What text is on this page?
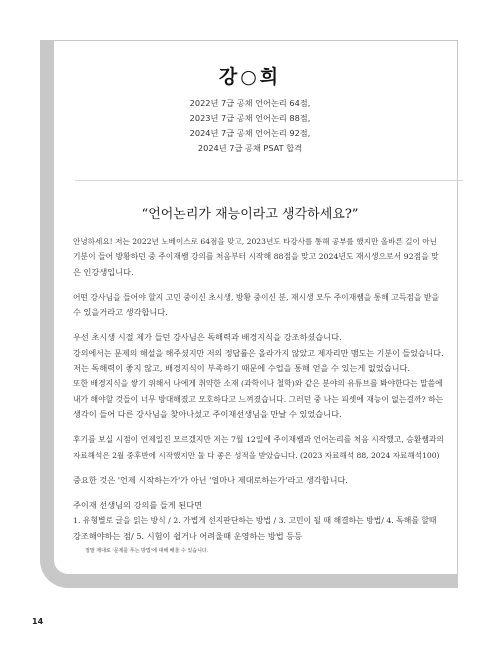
강○희
2022년 7급 공채 언어논리 64점,
2023년 7급 공채 언어논리 88점,
2024년 7급 공채 언어논리 92점,
2024년 7급 공채 PSAT 합격
“언어논리가 재능이라고 생각하세요?”

안녕하세요! 저는 2022년 노베이스로 64점을 맞고, 2023년도 타강사를 통해 공부를 했지만 올바른 길이 아닌
기분이 들어 방황하던 중 주이재쌤 강의를 처음부터 시작해 88점을 맞고 2024년도 재시생으로서 92점을 맞
은 인강생입니다.

어떤 강사님을 들어야 할지 고민 중이신 초시생, 방황 중이신 분, 재시생 모두 주이재쌤을 통해 고득점을 받을
수 있을거라고 생각합니다.

우선 초시생 시절 제가 들던 강사님은 독해력과 배경지식을 강조하셨습니다.
강의에서는 문제의 해설을 해주셨지만 저의 정답률은 올라가지 않았고 제자리만 맴도는 기분이 들었습니다.
저는 독해력이 좋지 않고, 배경지식이 부족하기 때문에 수업을 통해 얻을 수 있는게 없었습니다.
또한 배경지식을 쌓기 위해서 나에게 취약한 소재 (과학이나 철학)와 같은 분야의 유튜브를 봐야한다는 말씀에
내가 해야할 것들이 너무 방대해졌고 모호하다고 느껴졌습니다. 그러던 중 나는 피셋에 재능이 없는걸까? 하는
생각이 들어 다른 강사님을 찾아나섰고 주이재선생님을 만날 수 있었습니다.

후기를 보실 시점이 언제일진 모르겠지만 저는 7월 12일에 주이재쌤과 언어논리를 처음 시작했고, 승환쌤과의
자료해석은 2월 중후반에 시작했지만 둘 다 좋은 성적을 받았습니다. (2023 자료해석 88, 2024 자료해석100)

중요한 것은 '언제 시작하는가'가 아닌 '얼마나 제대로하는가'라고 생각합니다.

주이재 선생님의 강의를 들게 된다면
1. 유형별로 글을 읽는 방식 / 2. 가볍게 선지판단하는 방법 / 3. 고민이 될 때 해결하는 방법/ 4. 독해를 할때
강조해야하는 점/ 5. 시험이 쉽거나 어려울때 운영하는 방법 등등
정말 제대로 '문제를 푸는 방법'에 대해 배울 수 있습니다.

14
